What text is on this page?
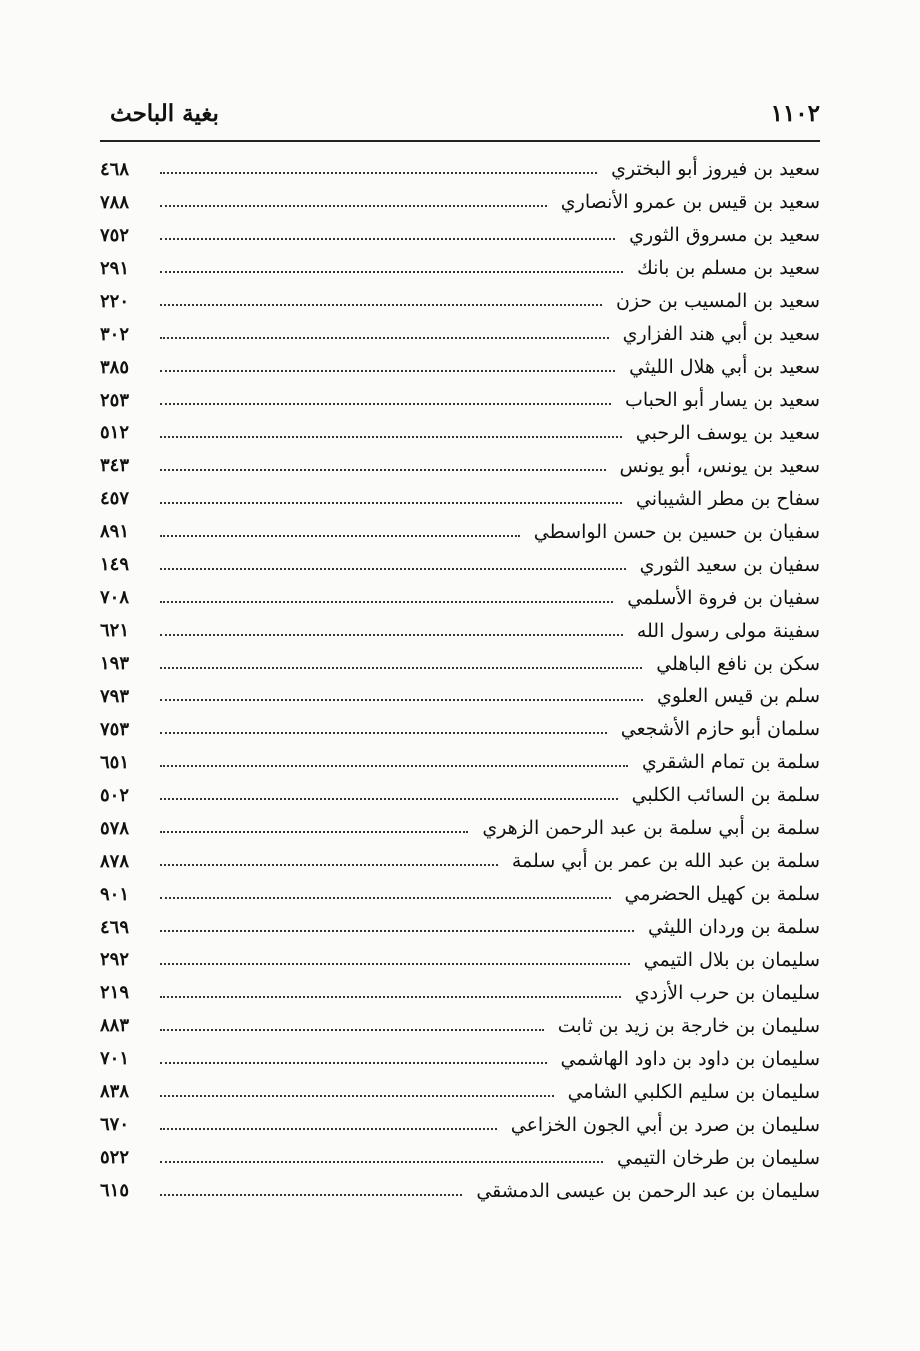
بغية الباحث	١١٠٢
سعيد بن فيروز أبو البختري
٤٦٨
سعيد بن قيس بن عمرو الأنصاري
٧٨٨
سعيد بن مسروق الثوري
٧٥٢
سعيد بن مسلم بن بانك
٢٩١
سعيد بن المسيب بن حزن
٢٢٠
سعيد بن أبي هند الفزاري
٣٠٢
سعيد بن أبي هلال الليثي
٣٨٥
سعيد بن يسار أبو الحباب
٢٥٣
سعيد بن يوسف الرحبي
٥١٢
سعيد بن يونس، أبو يونس
٣٤٣
سفاح بن مطر الشيباني
٤٥٧
سفيان بن حسين بن حسن الواسطي
٨٩١
سفيان بن سعيد الثوري
١٤٩
سفيان بن فروة الأسلمي
٧٠٨
سفينة مولى رسول الله
٦٢١
سكن بن نافع الباهلي
١٩٣
سلم بن قيس العلوي
٧٩٣
سلمان أبو حازم الأشجعي
٧٥٣
سلمة بن تمام الشقري
٦٥١
سلمة بن السائب الكلبي
٥٠٢
سلمة بن أبي سلمة بن عبد الرحمن الزهري
٥٧٨
سلمة بن عبد الله بن عمر بن أبي سلمة
٨٧٨
سلمة بن كهيل الحضرمي
٩٠١
سلمة بن وردان الليثي
٤٦٩
سليمان بن بلال التيمي
٢٩٢
سليمان بن حرب الأزدي
٢١٩
سليمان بن خارجة بن زيد بن ثابت
٨٨٣
سليمان بن داود بن داود الهاشمي
٧٠١
سليمان بن سليم الكلبي الشامي
٨٣٨
سليمان بن صرد بن أبي الجون الخزاعي
٦٧٠
سليمان بن طرخان التيمي
٥٢٢
سليمان بن عبد الرحمن بن عيسى الدمشقي
٦١٥
